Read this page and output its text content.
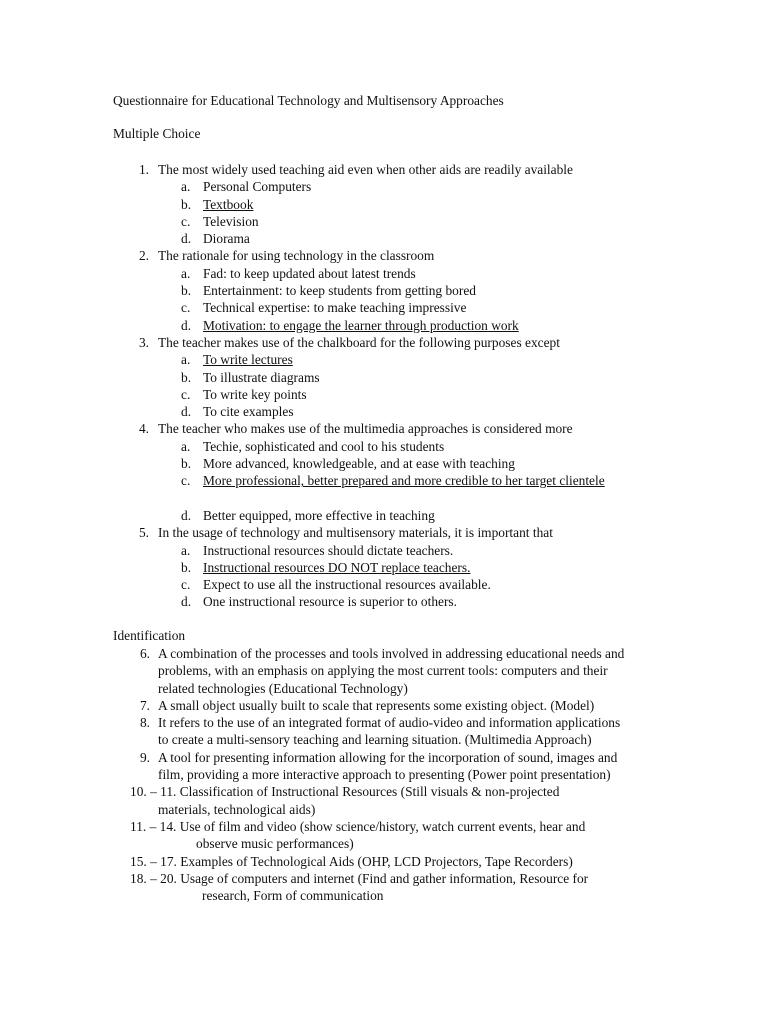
Questionnaire for Educational Technology and Multisensory Approaches
Multiple Choice
1. The most widely used teaching aid even when other aids are readily available
a. Personal Computers
b. Textbook
c. Television
d. Diorama
2. The rationale for using technology in the classroom
a. Fad: to keep updated about latest trends
b. Entertainment: to keep students from getting bored
c. Technical expertise: to make teaching impressive
d. Motivation: to engage the learner through production work
3. The teacher makes use of the chalkboard for the following purposes except
a. To write lectures
b. To illustrate diagrams
c. To write key points
d. To cite examples
4. The teacher who makes use of the multimedia approaches is considered more
a. Techie, sophisticated and cool to his students
b. More advanced, knowledgeable, and at ease with teaching
c. More professional, better prepared and more credible to her target clientele
d. Better equipped, more effective in teaching
5. In the usage of technology and multisensory materials, it is important that
a. Instructional resources should dictate teachers.
b. Instructional resources DO NOT replace teachers.
c. Expect to use all the instructional resources available.
d. One instructional resource is superior to others.
Identification
6. A combination of the processes and tools involved in addressing educational needs and problems, with an emphasis on applying the most current tools: computers and their related technologies (Educational Technology)
7. A small object usually built to scale that represents some existing object. (Model)
8. It refers to the use of an integrated format of audio-video and information applications to create a multi-sensory teaching and learning situation. (Multimedia Approach)
9. A tool for presenting information allowing for the incorporation of sound, images and film, providing a more interactive approach to presenting (Power point presentation)
10. – 11. Classification of Instructional Resources (Still visuals & non-projected
materials, technological aids)
11. – 14. Use of film and video (show science/history, watch current events, hear and
observe music performances)
15. – 17. Examples of Technological Aids (OHP, LCD Projectors, Tape Recorders)
18. – 20. Usage of computers and internet (Find and gather information, Resource for
research, Form of communication
